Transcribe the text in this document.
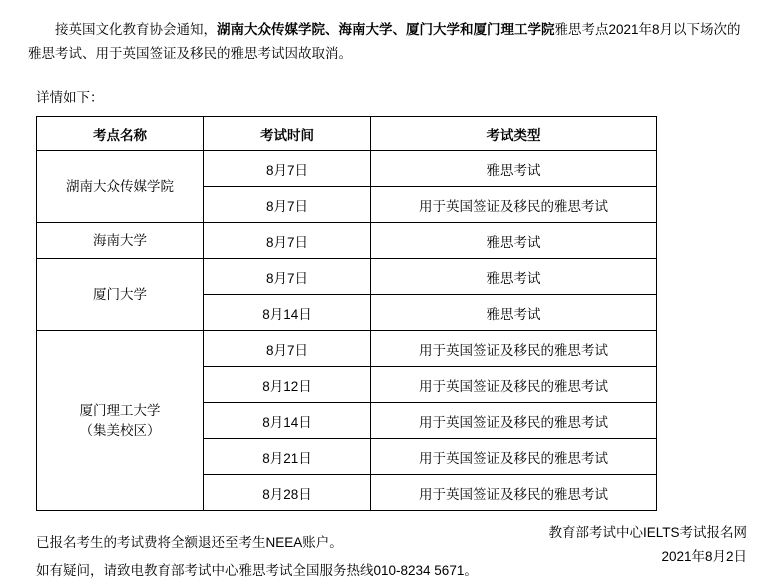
接英国文化教育协会通知，湖南大众传媒学院、海南大学、厦门大学和厦门理工学院雅思考点2021年8月以下场次的雅思考试、用于英国签证及移民的雅思考试因故取消。

详情如下：
考点名称	考试时间	考试类型
湖南大众传媒学院	8月7日	雅思考试
	8月7日	用于英国签证及移民的雅思考试
海南大学	8月7日	雅思考试
厦门大学	8月7日	雅思考试
	8月14日	雅思考试

厦门理工大学
（集美校区）	8月7日	用于英国签证及移民的雅思考试
	8月12日	用于英国签证及移民的雅思考试
	8月14日	用于英国签证及移民的雅思考试
	8月21日	用于英国签证及移民的雅思考试
	8月28日	用于英国签证及移民的雅思考试
已报名考生的考试费将全额退还至考生NEEA账户。
如有疑问，请致电教育部考试中心雅思考试全国服务热线010-8234 5671。
教育部考试中心IELTS考试报名网
2021年8月2日
